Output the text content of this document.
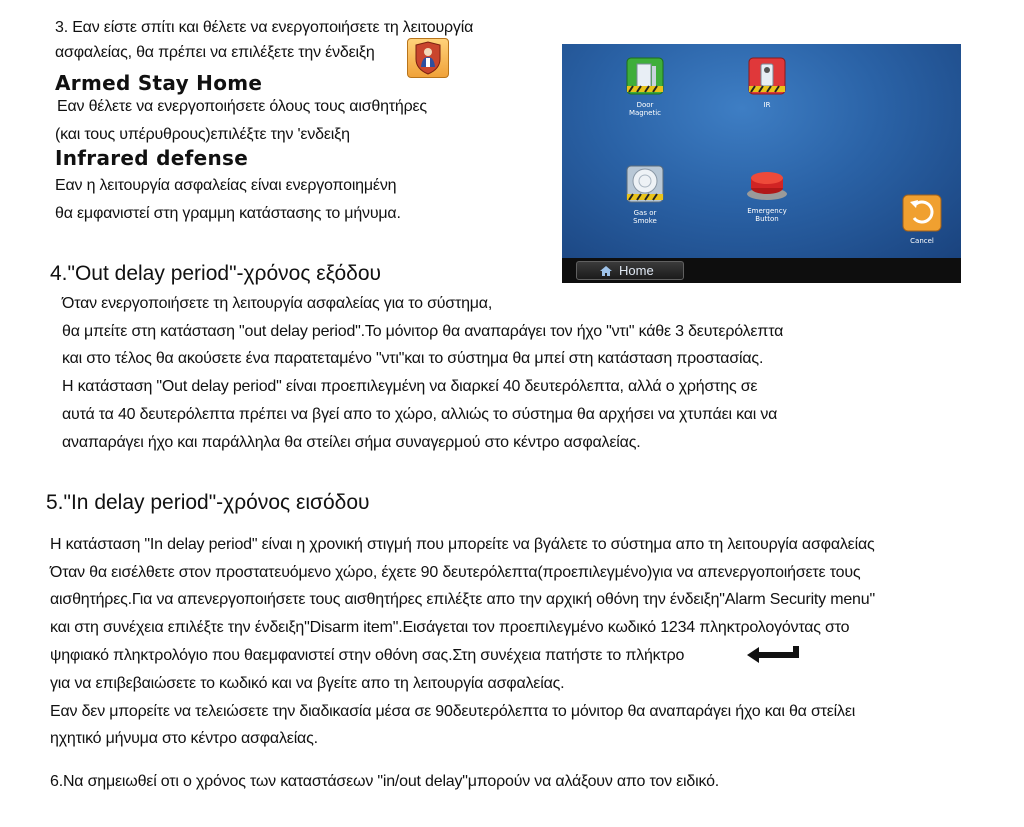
3. Εαν είστε σπίτι και θέλετε να ενεργοποιήσετε τη λειτουργία
ασφαλείας, θα πρέπει να επιλέξετε την ένδειξη
Armed Stay Home
Εαν θέλετε να ενεργοποιήσετε όλους τους αισθητήρες
(και τους υπέρυθρους)επιλέξτε την 'ενδειξη
Infrared defense
Εαν η λειτουργία ασφαλείας είναι ενεργοποιημένη
θα εμφανιστεί στη γραμμη κατάστασης το μήνυμα.
Door
Magnetic
IR
Gas or
Smoke
Emergency
Button
Cancel
Home
4."Out delay period"-χρόνος εξόδου
Όταν ενεργοποιήσετε τη λειτουργία ασφαλείας για το σύστημα,
θα μπείτε στη κατάσταση "out delay period".Το μόνιτορ θα αναπαράγει τον ήχο "ντι" κάθε 3 δευτερόλεπτα
και στο τέλος θα ακούσετε ένα παρατεταμένο "ντι"και το σύστημα θα μπεί στη κατάσταση προστασίας.
Η κατάσταση "Out delay period" είναι προεπιλεγμένη να διαρκεί 40 δευτερόλεπτα, αλλά ο χρήστης σε
αυτά τα 40 δευτερόλεπτα πρέπει να βγεί απο το χώρο, αλλιώς το σύστημα θα αρχήσει να χτυπάει και να
αναπαράγει ήχο και παράλληλα θα στείλει σήμα συναγερμού στο κέντρο ασφαλείας.
5."In delay period"-χρόνος εισόδου
Η κατάσταση "In delay period" είναι η χρονική στιγμή που μπορείτε να βγάλετε το σύστημα απο τη λειτουργία ασφαλείας
Όταν θα εισέλθετε στον προστατευόμενο χώρο, έχετε 90 δευτερόλεπτα(προεπιλεγμένο)για να απενεργοποιήσετε τους
αισθητήρες.Για να απενεργοποιήσετε τους αισθητήρες επιλέξτε απο την αρχική οθόνη την ένδειξη"Alarm Security menu"
και στη συνέχεια επιλέξτε την ένδειξη"Disarm item".Εισάγεται τον προεπιλεγμένο κωδικό 1234 πληκτρολογόντας στο
ψηφιακό πληκτρολόγιο που θαεμφανιστεί στην οθόνη σας.Στη συνέχεια πατήστε το πλήκτρο
για να επιβεβαιώσετε το κωδικό και να βγείτε απο τη λειτουργία ασφαλείας.
Εαν δεν μπορείτε να τελειώσετε την διαδικασία μέσα σε 90δευτερόλεπτα το μόνιτορ θα αναπαράγει ήχο και θα στείλει
ηχητικό μήνυμα στο κέντρο ασφαλείας.
6.Να σημειωθεί οτι ο χρόνος των καταστάσεων "in/out delay"μπορούν να αλάξουν απο τον ειδικό.
